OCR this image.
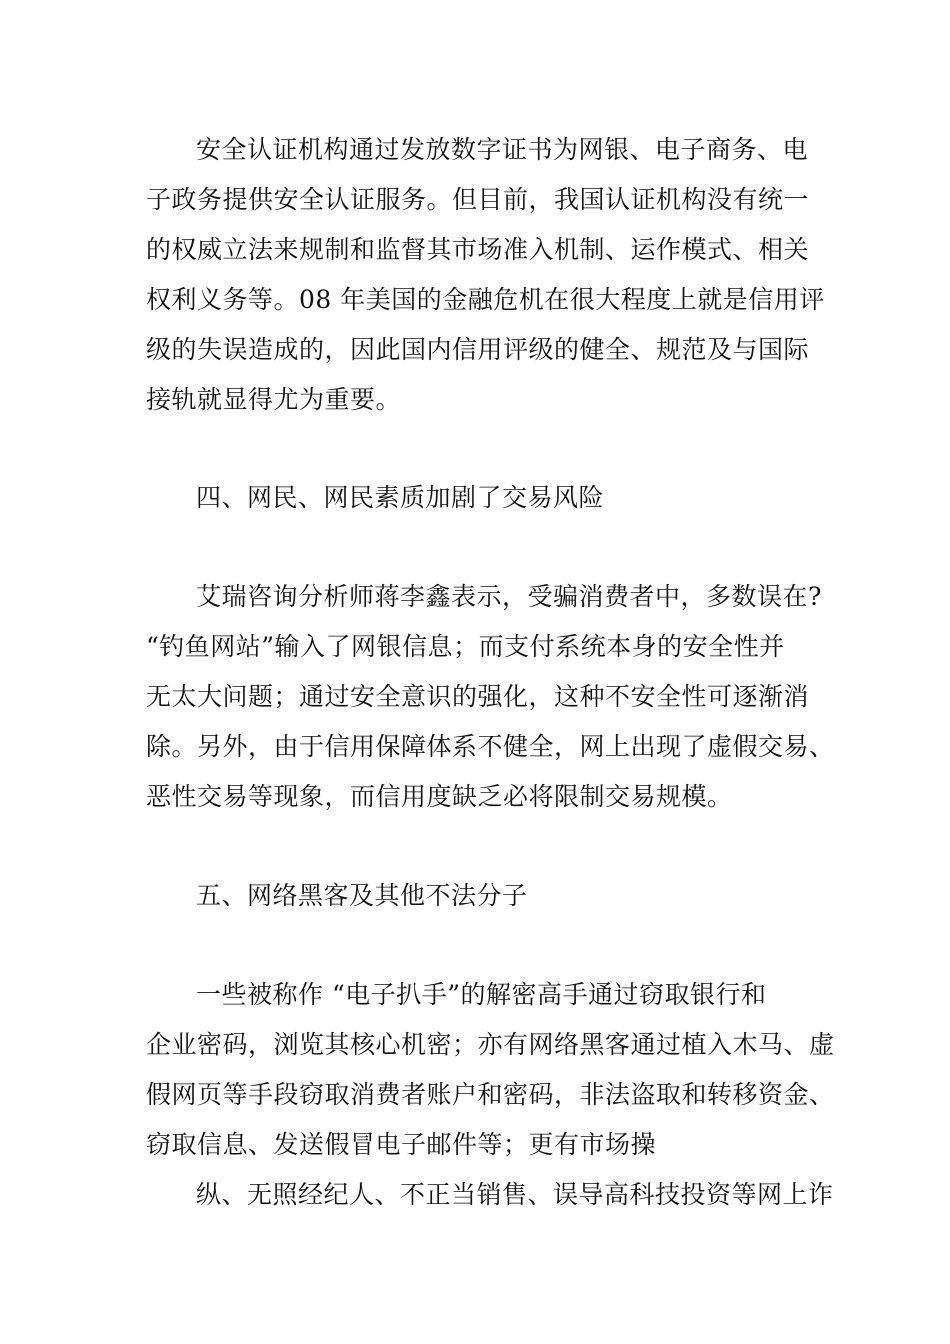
安全认证机构通过发放数字证书为网银、电子商务、电
子政务提供安全认证服务。但目前，我国认证机构没有统一
的权威立法来规制和监督其市场准入机制、运作模式、相关
权利义务等。08 年美国的金融危机在很大程度上就是信用评
级的失误造成的，因此国内信用评级的健全、规范及与国际
接轨就显得尤为重要。
四、网民、网民素质加剧了交易风险
艾瑞咨询分析师蒋李鑫表示，受骗消费者中，多数误在?
“钓鱼网站”输入了网银信息；而支付系统本身的安全性并
无太大问题；通过安全意识的强化，这种不安全性可逐渐消
除。另外，由于信用保障体系不健全，网上出现了虚假交易、
恶性交易等现象，而信用度缺乏必将限制交易规模。
五、网络黑客及其他不法分子
一些被称作 “电子扒手”的解密高手通过窃取银行和
企业密码，浏览其核心机密；亦有网络黑客通过植入木马、虚
假网页等手段窃取消费者账户和密码，非法盗取和转移资金、
窃取信息、发送假冒电子邮件等；更有市场操
纵、无照经纪人、不正当销售、误导高科技投资等网上诈
